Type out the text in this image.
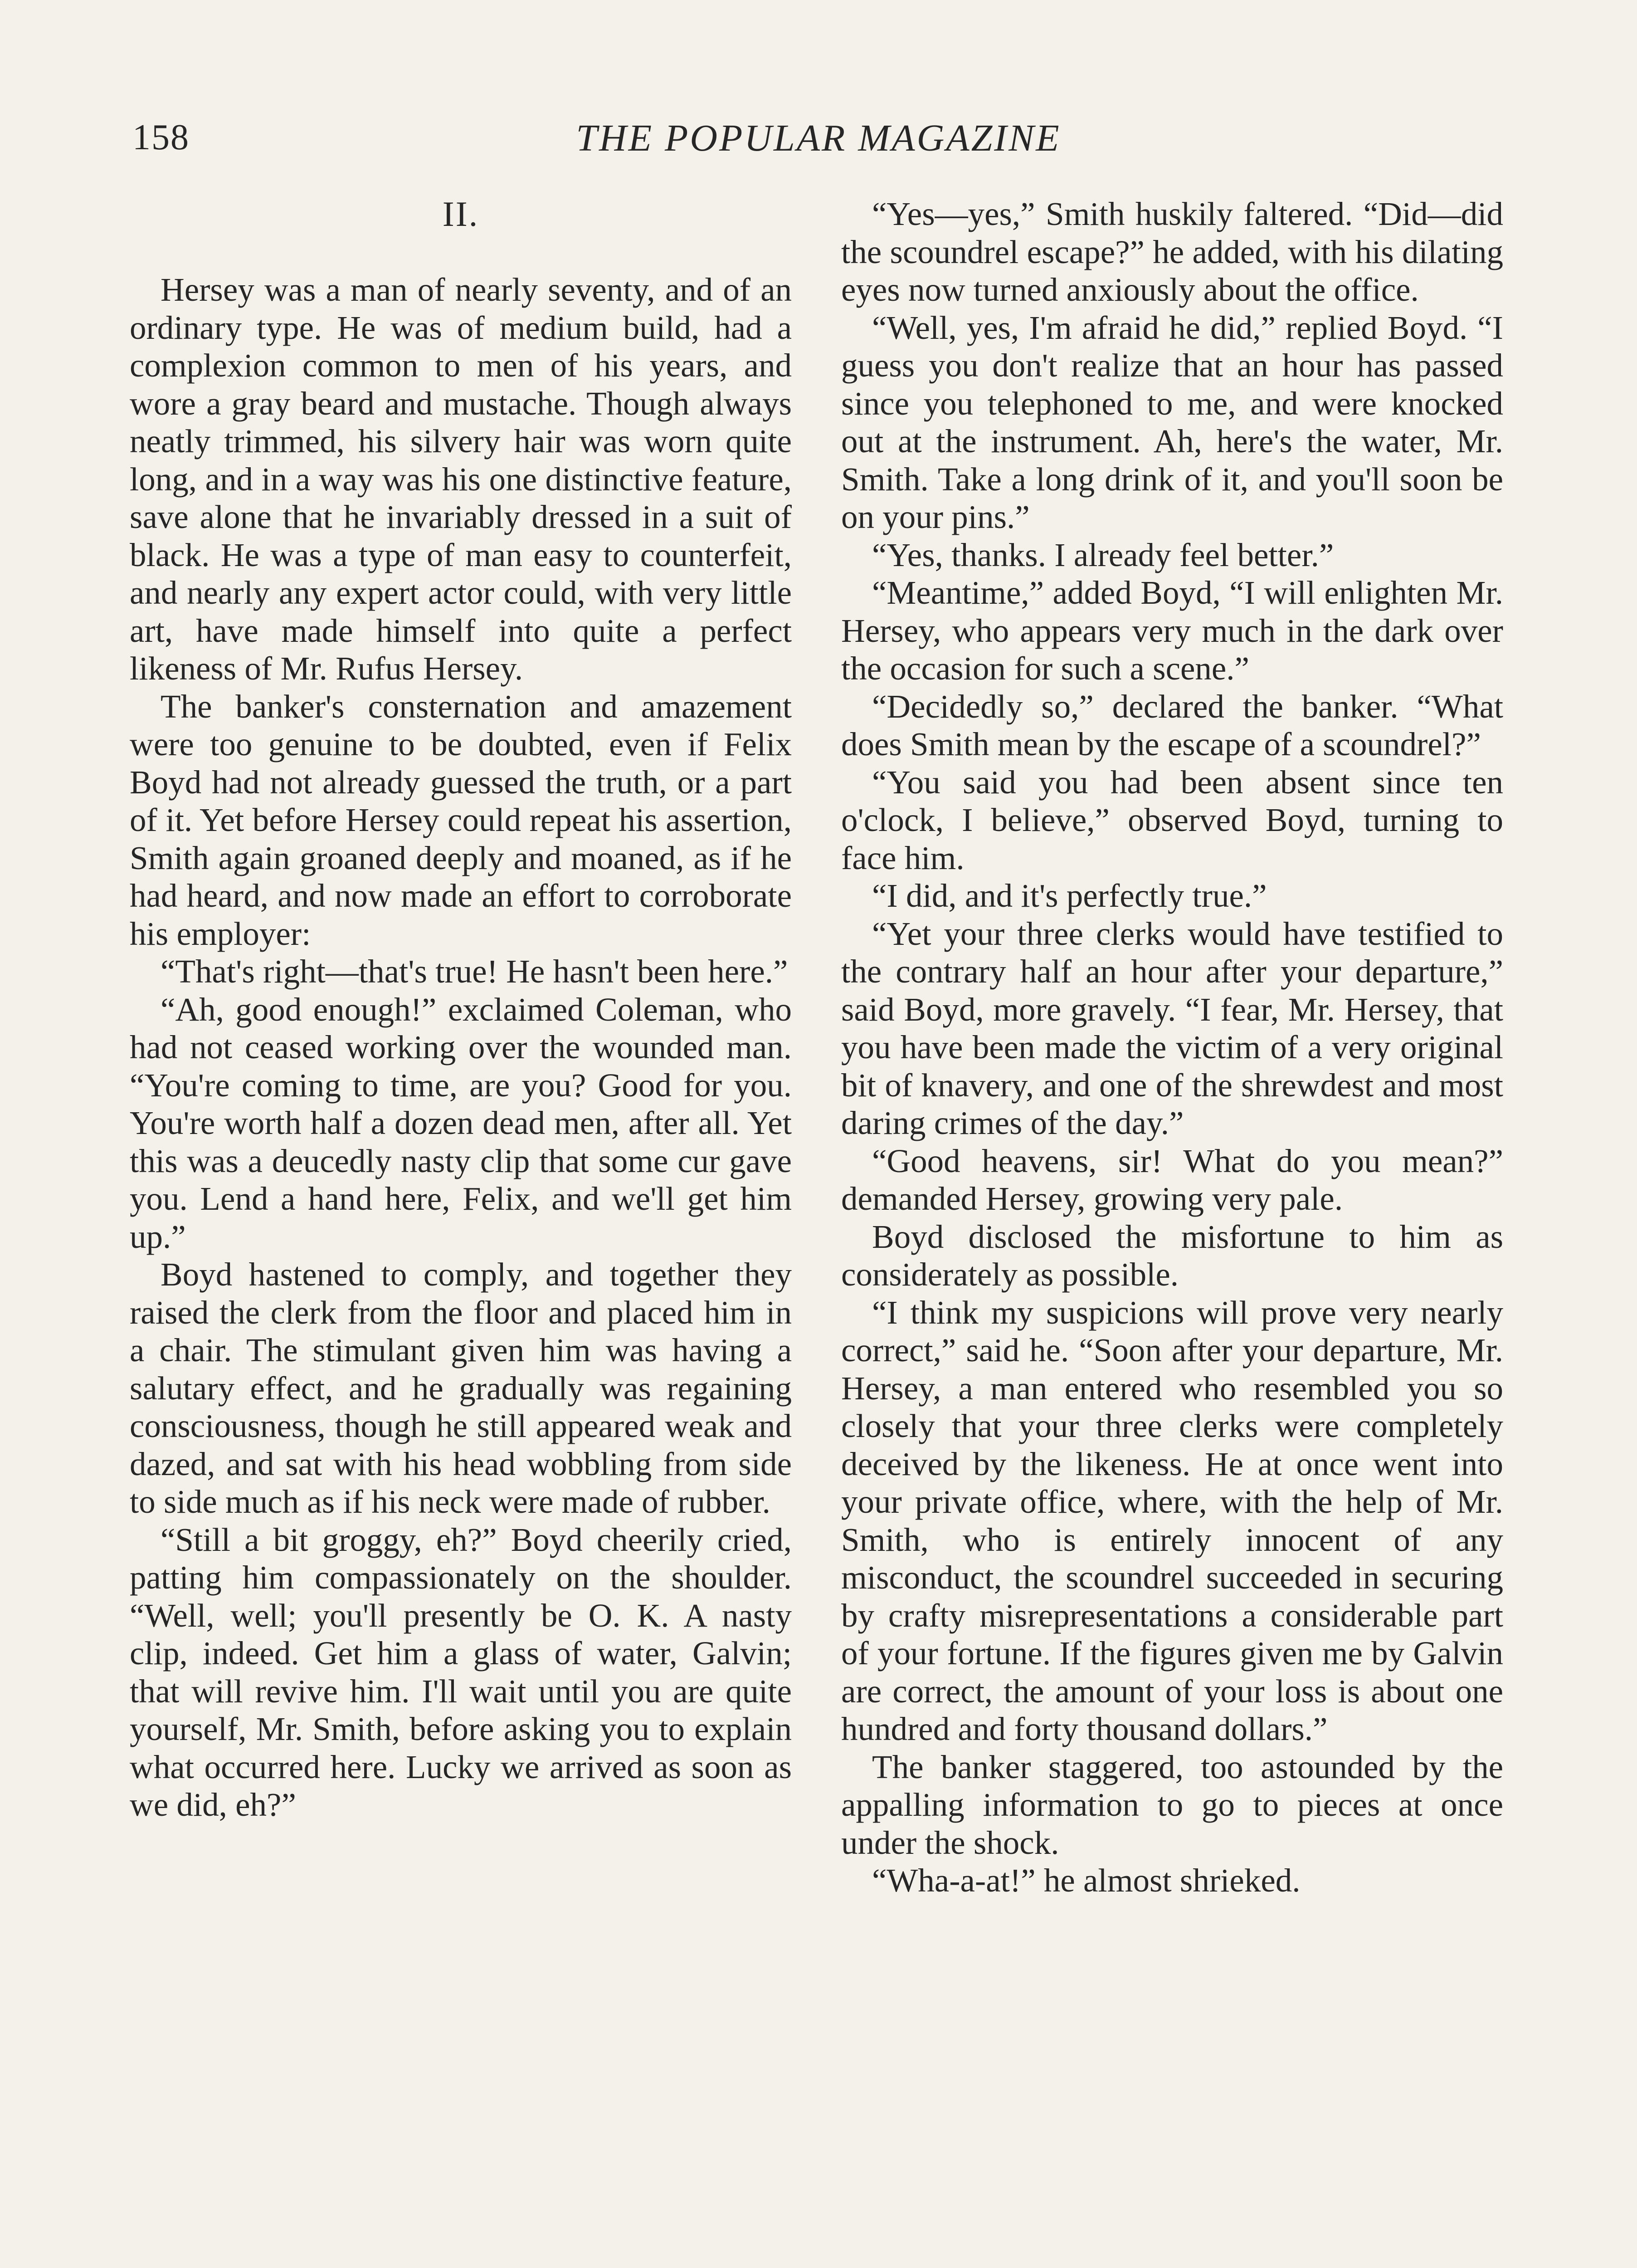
158	THE POPULAR MAGAZINE
II.

Hersey was a man of nearly seventy, and of an ordinary type. He was of medium build, had a complexion common to men of his years, and wore a gray beard and mustache. Though always neatly trimmed, his silvery hair was worn quite long, and in a way was his one distinctive feature, save alone that he invariably dressed in a suit of black. He was a type of man easy to counterfeit, and nearly any expert actor could, with very little art, have made himself into quite a perfect likeness of Mr. Rufus Hersey.

The banker's consternation and amazement were too genuine to be doubted, even if Felix Boyd had not already guessed the truth, or a part of it. Yet before Hersey could repeat his assertion, Smith again groaned deeply and moaned, as if he had heard, and now made an effort to corroborate his employer:

“That's right—that's true! He hasn't been here.”

“Ah, good enough!” exclaimed Coleman, who had not ceased working over the wounded man. “You're coming to time, are you? Good for you. You're worth half a dozen dead men, after all. Yet this was a deucedly nasty clip that some cur gave you. Lend a hand here, Felix, and we'll get him up.”

Boyd hastened to comply, and together they raised the clerk from the floor and placed him in a chair. The stimulant given him was having a salutary effect, and he gradually was regaining consciousness, though he still appeared weak and dazed, and sat with his head wobbling from side to side much as if his neck were made of rubber.

“Still a bit groggy, eh?” Boyd cheerily cried, patting him compassionately on the shoulder. “Well, well; you'll presently be O. K. A nasty clip, indeed. Get him a glass of water, Galvin; that will revive him. I'll wait until you are quite yourself, Mr. Smith, before asking you to explain what occurred here. Lucky we arrived as soon as we did, eh?”

“Yes—yes,” Smith huskily faltered. “Did—did the scoundrel escape?” he added, with his dilating eyes now turned anxiously about the office.

“Well, yes, I'm afraid he did,” replied Boyd. “I guess you don't realize that an hour has passed since you telephoned to me, and were knocked out at the instrument. Ah, here's the water, Mr. Smith. Take a long drink of it, and you'll soon be on your pins.”

“Yes, thanks. I already feel better.”

“Meantime,” added Boyd, “I will enlighten Mr. Hersey, who appears very much in the dark over the occasion for such a scene.”

“Decidedly so,” declared the banker. “What does Smith mean by the escape of a scoundrel?”

“You said you had been absent since ten o'clock, I believe,” observed Boyd, turning to face him.

“I did, and it's perfectly true.”

“Yet your three clerks would have testified to the contrary half an hour after your departure,” said Boyd, more gravely. “I fear, Mr. Hersey, that you have been made the victim of a very original bit of knavery, and one of the shrewdest and most daring crimes of the day.”

“Good heavens, sir! What do you mean?” demanded Hersey, growing very pale.

Boyd disclosed the misfortune to him as considerately as possible.

“I think my suspicions will prove very nearly correct,” said he. “Soon after your departure, Mr. Hersey, a man entered who resembled you so closely that your three clerks were completely deceived by the likeness. He at once went into your private office, where, with the help of Mr. Smith, who is entirely innocent of any misconduct, the scoundrel succeeded in securing by crafty misrepresentations a considerable part of your fortune. If the figures given me by Galvin are correct, the amount of your loss is about one hundred and forty thousand dollars.”

The banker staggered, too astounded by the appalling information to go to pieces at once under the shock.

“Wha-a-at!” he almost shrieked.
